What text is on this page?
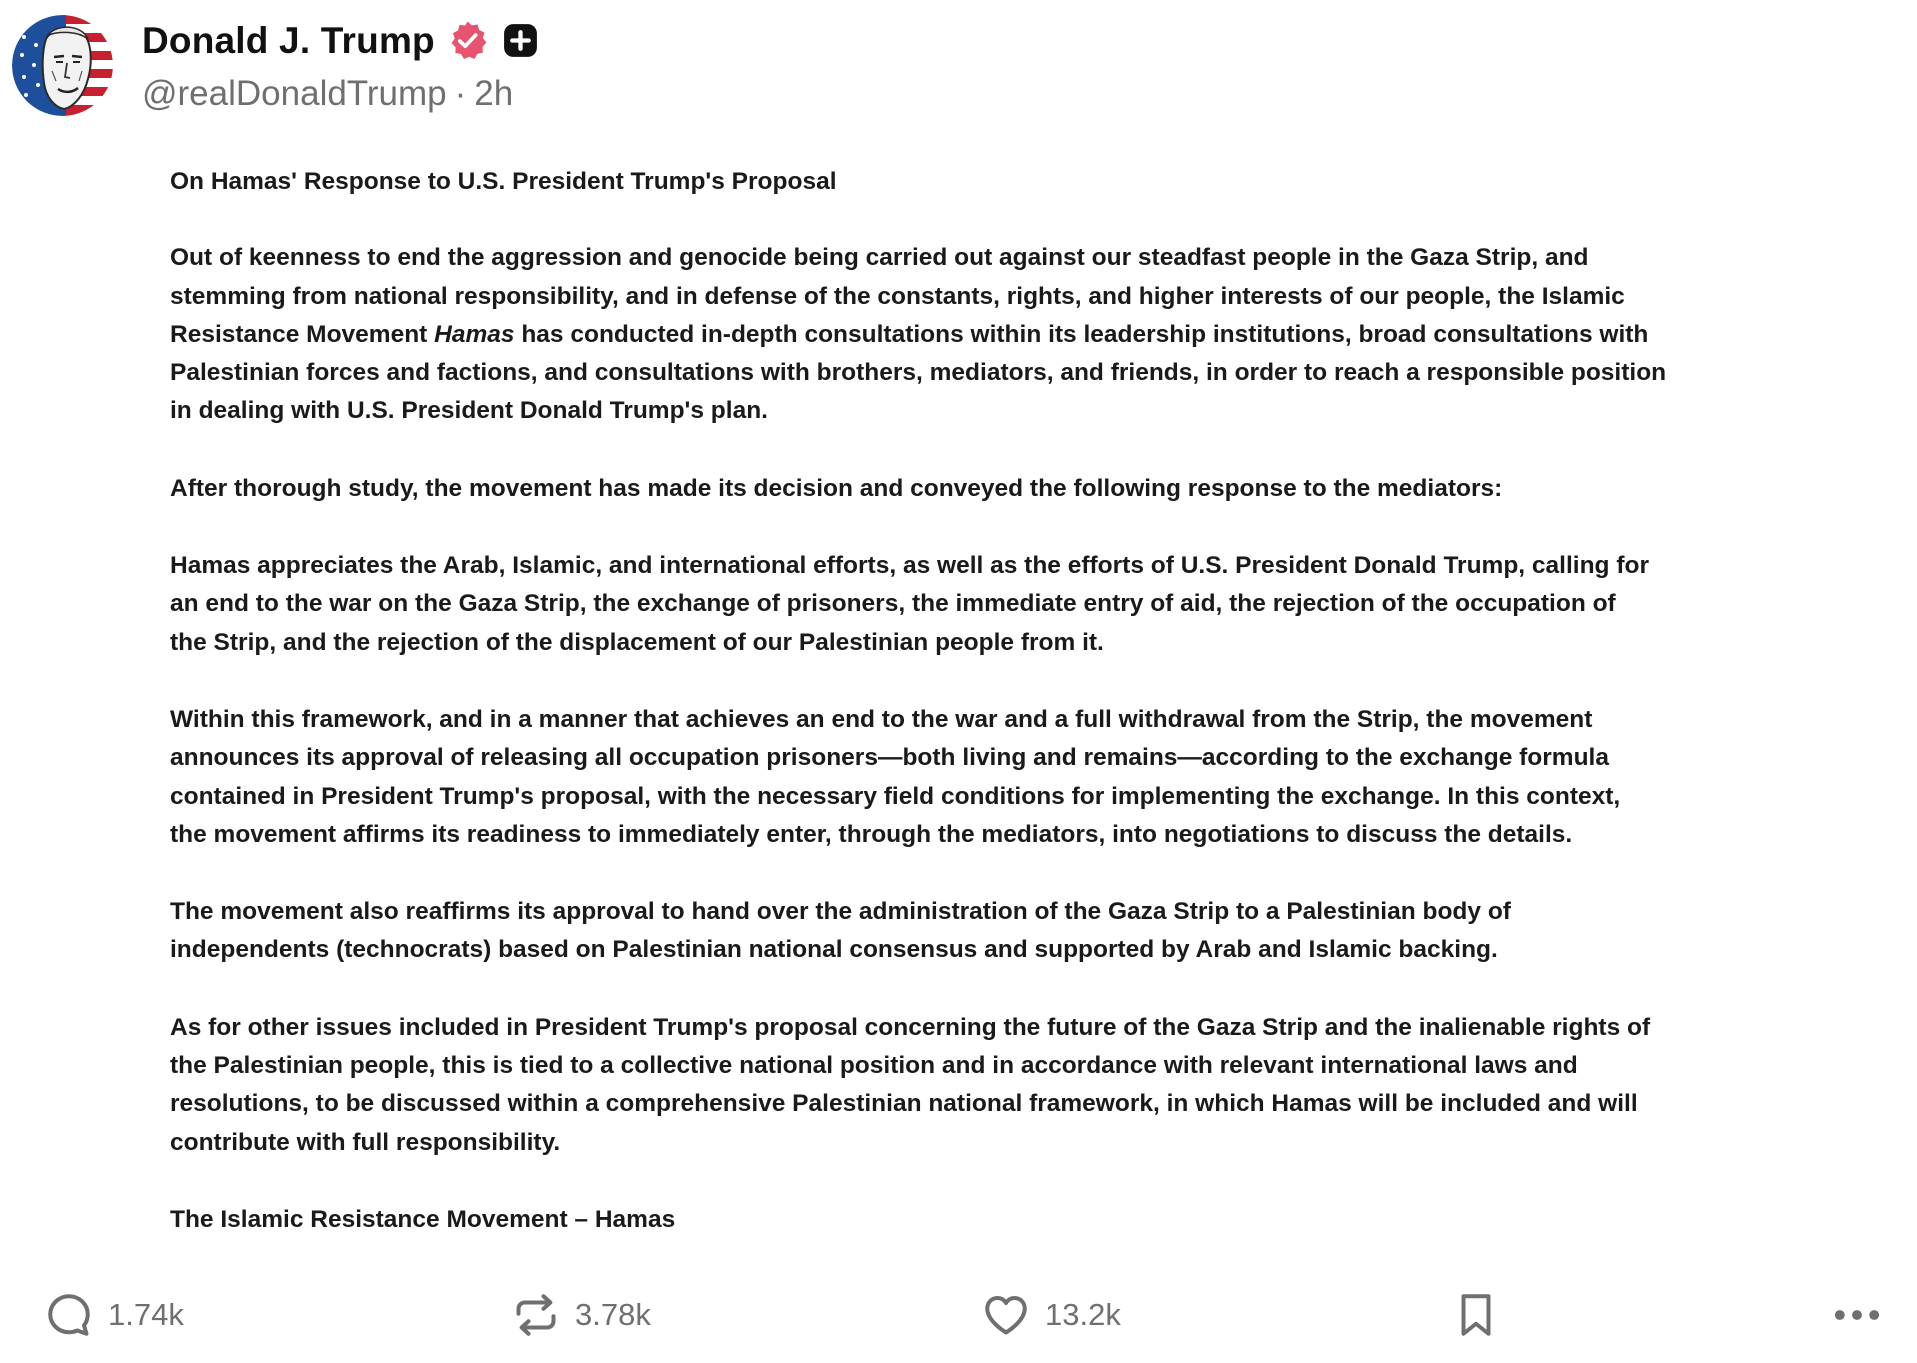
Donald J. Trump
@realDonaldTrump · 2h

On Hamas' Response to U.S. President Trump's Proposal

Out of keenness to end the aggression and genocide being carried out against our steadfast people in the Gaza Strip, and
stemming from national responsibility, and in defense of the constants, rights, and higher interests of our people, the Islamic
Resistance Movement Hamas has conducted in-depth consultations within its leadership institutions, broad consultations with
Palestinian forces and factions, and consultations with brothers, mediators, and friends, in order to reach a responsible position
in dealing with U.S. President Donald Trump's plan.

After thorough study, the movement has made its decision and conveyed the following response to the mediators:

Hamas appreciates the Arab, Islamic, and international efforts, as well as the efforts of U.S. President Donald Trump, calling for
an end to the war on the Gaza Strip, the exchange of prisoners, the immediate entry of aid, the rejection of the occupation of
the Strip, and the rejection of the displacement of our Palestinian people from it.

Within this framework, and in a manner that achieves an end to the war and a full withdrawal from the Strip, the movement
announces its approval of releasing all occupation prisoners—both living and remains—according to the exchange formula
contained in President Trump's proposal, with the necessary field conditions for implementing the exchange. In this context,
the movement affirms its readiness to immediately enter, through the mediators, into negotiations to discuss the details.

The movement also reaffirms its approval to hand over the administration of the Gaza Strip to a Palestinian body of
independents (technocrats) based on Palestinian national consensus and supported by Arab and Islamic backing.

As for other issues included in President Trump's proposal concerning the future of the Gaza Strip and the inalienable rights of
the Palestinian people, this is tied to a collective national position and in accordance with relevant international laws and
resolutions, to be discussed within a comprehensive Palestinian national framework, in which Hamas will be included and will
contribute with full responsibility.

The Islamic Resistance Movement – Hamas

1.74k	3.78k	13.2k
